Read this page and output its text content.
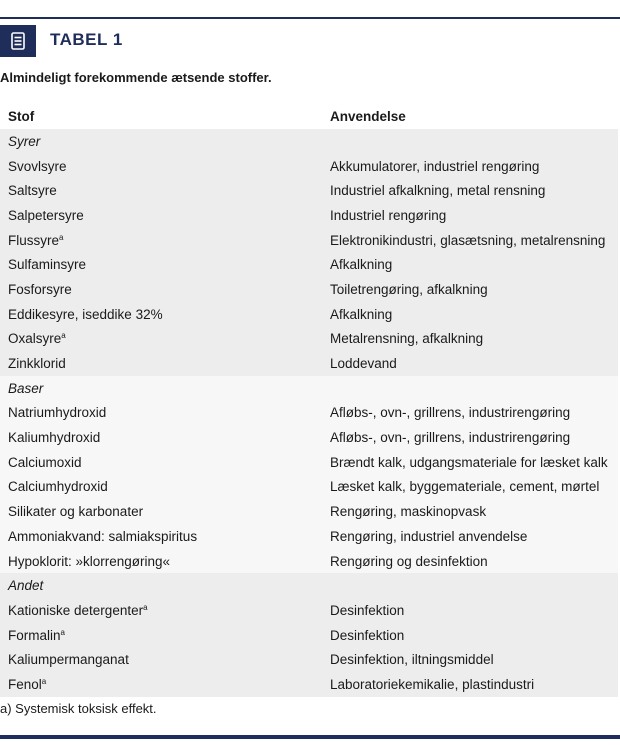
TABEL 1
Almindeligt forekommende ætsende stoffer.
Stof	Anvendelse
Syrer	
Svovlsyre	Akkumulatorer, industriel rengøring
Saltsyre	Industriel afkalkning, metal rensning
Salpetersyre	Industriel rengøring
Flussyre$^a$	Elektronikindustri, glasætsning, metalrensning
Sulfaminsyre	Afkalkning
Fosforsyre	Toiletrengøring, afkalkning
Eddikesyre, iseddike 32%	Afkalkning
Oxalsyre$^a$	Metalrensning, afkalkning
Zinkklorid	Loddevand
Baser	
Natriumhydroxid	Afløbs-, ovn-, grillrens, industrirengøring
Kaliumhydroxid	Afløbs-, ovn-, grillrens, industrirengøring
Calciumoxid	Brændt kalk, udgangsmateriale for læsket kalk
Calciumhydroxid	Læsket kalk, byggemateriale, cement, mørtel
Silikater og karbonater	Rengøring, maskinopvask
Ammoniakvand: salmiakspiritus	Rengøring, industriel anvendelse
Hypoklorit: »klorrengøring«	Rengøring og desinfektion
Andet	
Kationiske detergenter$^a$	Desinfektion
Formalin$^a$	Desinfektion
Kaliumpermanganat	Desinfektion, iltningsmiddel
Fenol$^a$	Laboratoriekemikalie, plastindustri
a) Systemisk toksisk effekt.
